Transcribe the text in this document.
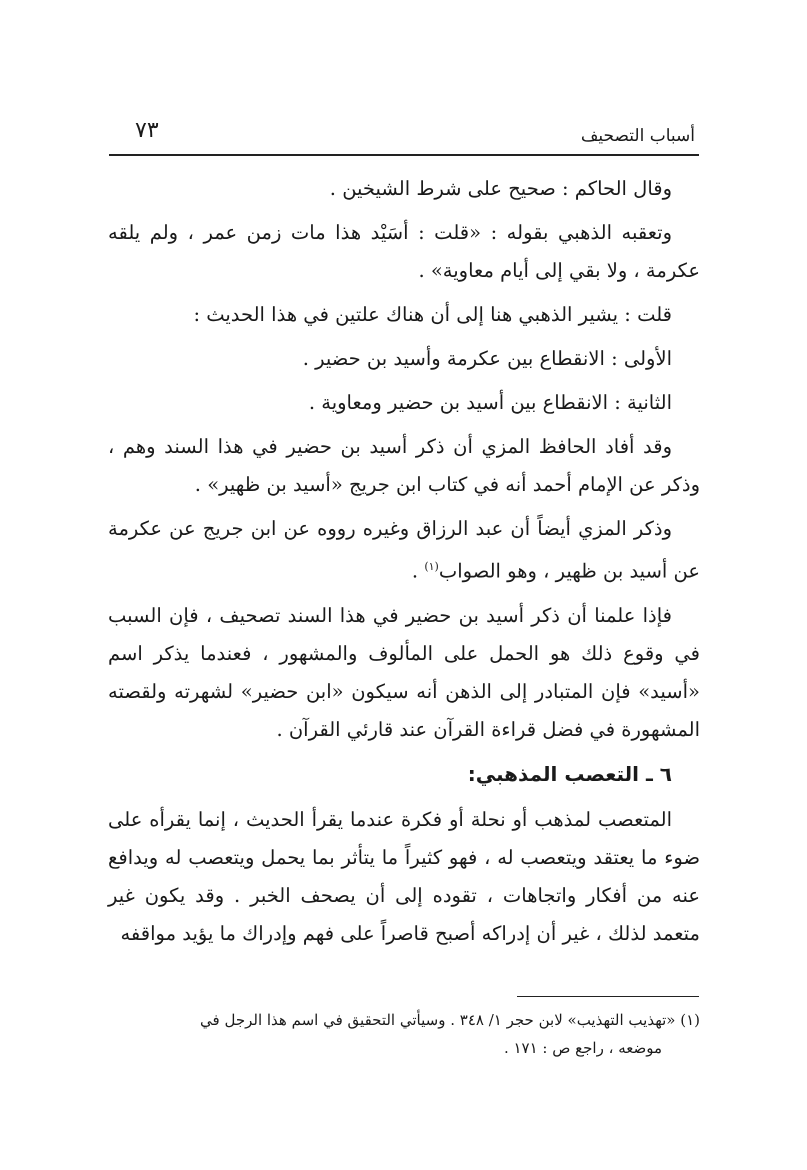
أسباب التصحيف
٧٣

وقال الحاكم : صحيح على شرط الشيخين .

وتعقبه الذهبي بقوله : «قلت : أسَيْد هذا مات زمن عمر ، ولم يلقه عكرمة ، ولا بقي إلى أيام معاوية» .

قلت : يشير الذهبي هنا إلى أن هناك علتين في هذا الحديث :

الأولى : الانقطاع بين عكرمة وأسيد بن حضير .

الثانية : الانقطاع بين أسيد بن حضير ومعاوية .

وقد أفاد الحافظ المزي أن ذكر أسيد بن حضير في هذا السند وهم ، وذكر عن الإمام أحمد أنه في كتاب ابن جريج «أسيد بن ظهير» .

وذكر المزي أيضاً أن عبد الرزاق وغيره رووه عن ابن جريج عن عكرمة عن أسيد بن ظهير ، وهو الصواب$^{(١)}$ .

فإذا علمنا أن ذكر أسيد بن حضير في هذا السند تصحيف ، فإن السبب في وقوع ذلك هو الحمل على المألوف والمشهور ، فعندما يذكر اسم «أسيد» فإن المتبادر إلى الذهن أنه سيكون «ابن حضير» لشهرته ولقصته المشهورة في فضل قراءة القرآن عند قارئي القرآن .

٦ ـ التعصب المذهبي:

المتعصب لمذهب أو نحلة أو فكرة عندما يقرأ الحديث ، إنما يقرأه على ضوء ما يعتقد ويتعصب له ، فهو كثيراً ما يتأثر بما يحمل ويتعصب له ويدافع عنه من أفكار واتجاهات ، تقوده إلى أن يصحف الخبر . وقد يكون غير متعمد لذلك ، غير أن إدراكه أصبح قاصراً على فهم وإدراك ما يؤيد مواقفه

(١) «تهذيب التهذيب» لابن حجر ١/ ٣٤٨ . وسيأتي التحقيق في اسم هذا الرجل في

موضعه ، راجع ص : ١٧١ .
